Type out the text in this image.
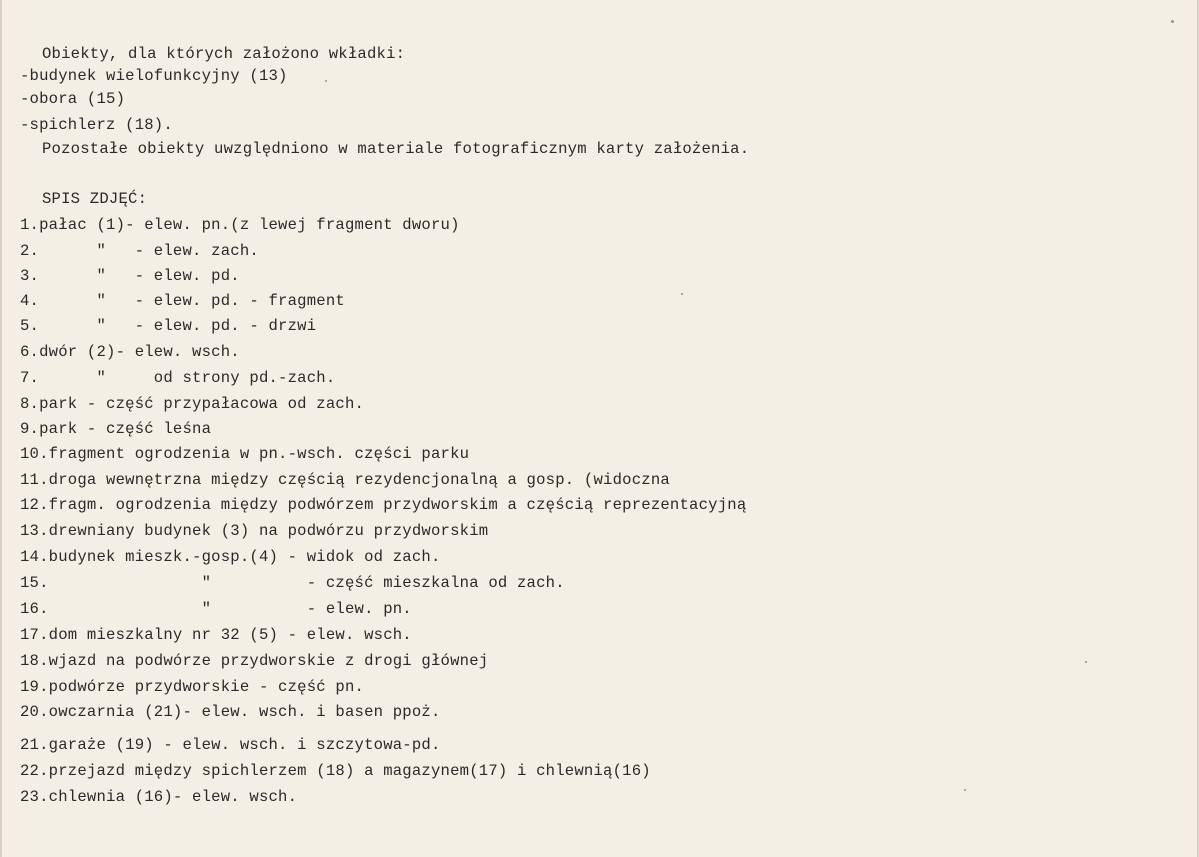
Obiekty, dla których założono wkładki:
-budynek wielofunkcyjny (13)
-obora (15)
-spichlerz (18).
Pozostałe obiekty uwzględniono w materiale fotograficznym karty założenia.
SPIS ZDJĘĆ:
1.pałac (1)- elew. pn.(z lewej fragment dworu)
2.      "   - elew. zach.
3.      "   - elew. pd.
4.      "   - elew. pd. - fragment
5.      "   - elew. pd. - drzwi
6.dwór (2)- elew. wsch.
7.      "     od strony pd.-zach.
8.park - część przypałacowa od zach.
9.park - część leśna
10.fragment ogrodzenia w pn.-wsch. części parku
11.droga wewnętrzna między częścią rezydencjonalną a gosp. (widoczna
12.fragm. ogrodzenia między podwórzem przydworskim a częścią reprezentacyjną
13.drewniany budynek (3) na podwórzu przydworskim
14.budynek mieszk.-gosp.(4) - widok od zach.
15.                "          - część mieszkalna od zach.
16.                "          - elew. pn.
17.dom mieszkalny nr 32 (5) - elew. wsch.
18.wjazd na podwórze przydworskie z drogi głównej
19.podwórze przydworskie - część pn.
20.owczarnia (21)- elew. wsch. i basen ppoż.
21.garaże (19) - elew. wsch. i szczytowa-pd.
22.przejazd między spichlerzem (18) a magazynem(17) i chlewnią(16)
23.chlewnia (16)- elew. wsch.
